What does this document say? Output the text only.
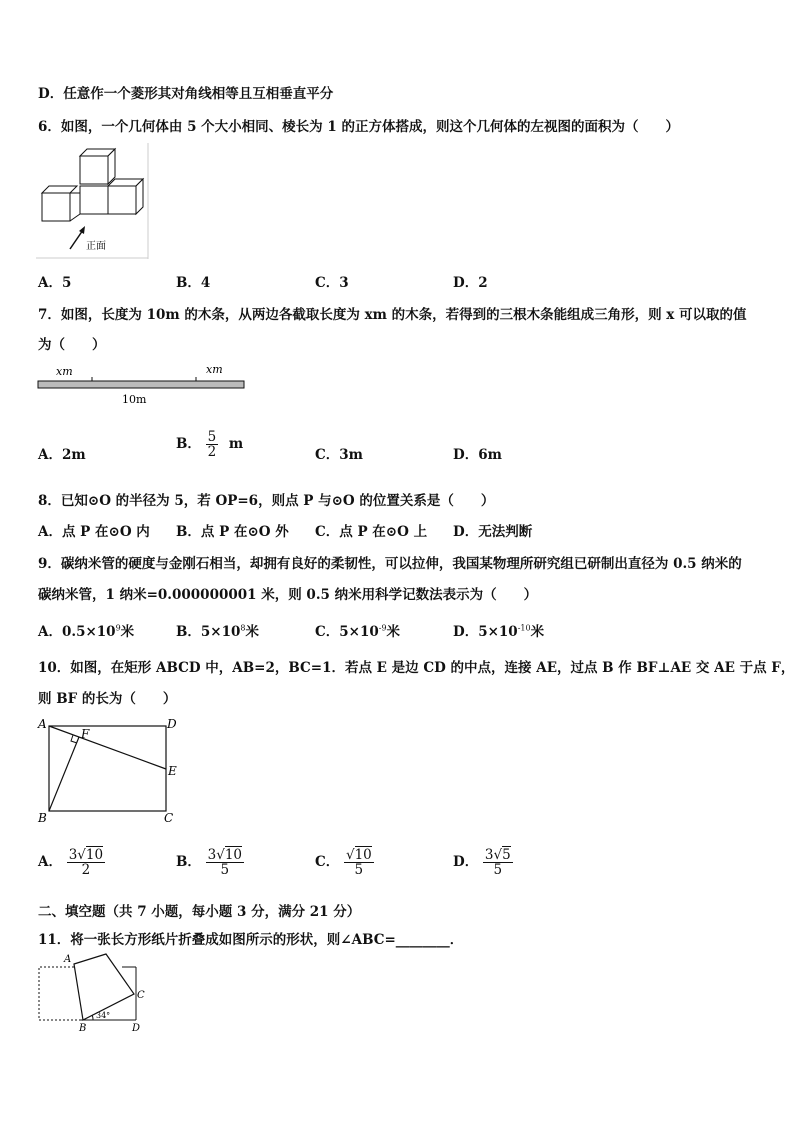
D．任意作一个菱形其对角线相等且互相垂直平分
6．如图，一个几何体由 5 个大小相同、棱长为 1 的正方体搭成，则这个几何体的左视图的面积为（　　）
正面
A．5	B．4	C．3	D．2
7．如图，长度为 10m 的木条，从两边各截取长度为 xm 的木条，若得到的三根木条能组成三角形，则 x 可以取的值
为（　　）
xm	xm
10m
A．2m
B． $\frac{5}{2}$ m
C．3m	D．6m
8．已知⊙O 的半径为 5，若 OP=6，则点 P 与⊙O 的位置关系是（　　）
A．点 P 在⊙O 内 B．点 P 在⊙O 外 C．点 P 在⊙O 上 D．无法判断
9．碳纳米管的硬度与金刚石相当，却拥有良好的柔韧性，可以拉伸，我国某物理所研究组已研制出直径为 0.5 纳米的
碳纳米管，1 纳米=0.000000001 米，则 0.5 纳米用科学记数法表示为（　　）
A．$0.5\times 10^9$米	B．$5\times 10^8$米	C．$5\times 10^{-9}$米	D．$5\times 10^{-10}$米
10．如图，在矩形 ABCD 中，AB=2，BC=1．若点 E 是边 CD 的中点，连接 AE，过点 B 作 BF⊥AE 交 AE 于点 F，
则 BF 的长为（　　）
A
B	C
D
E
F
A． $\frac{3√10}{2}$	B． $\frac{3√10}{5}$	C． $\frac{√10}{5}$	D． $\frac{3√5}{5}$
二、填空题（共 7 小题，每小题 3 分，满分 21 分）
11．将一张长方形纸片折叠成如图所示的形状，则∠ABC=________．
A
B
C
D
34°
